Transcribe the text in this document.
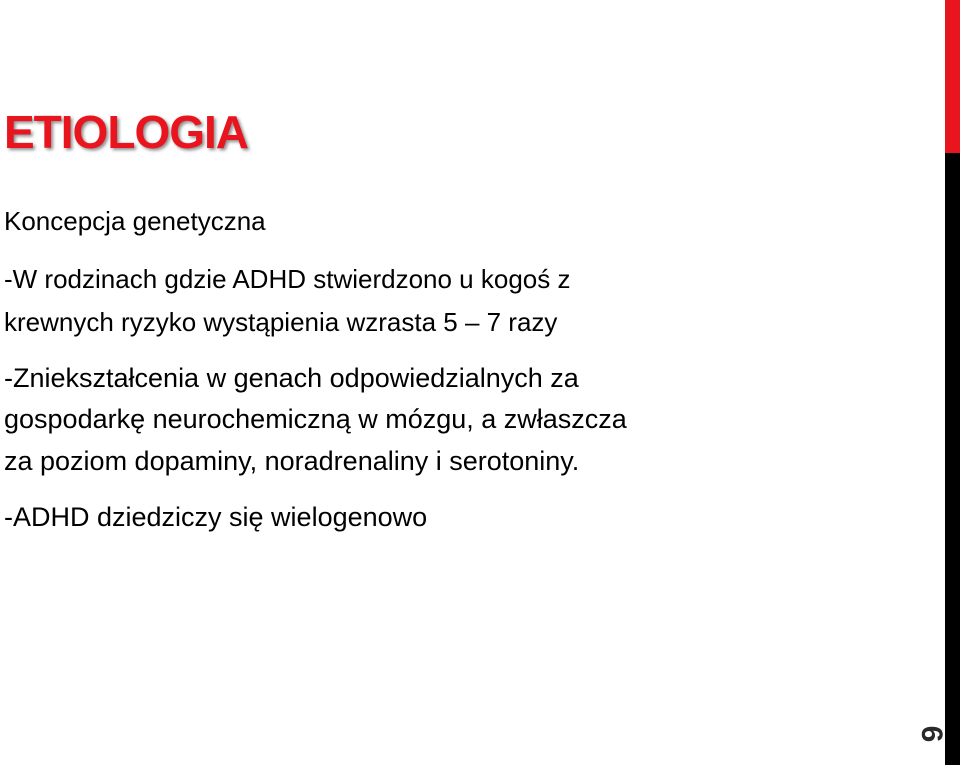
ETIOLOGIA

Koncepcja genetyczna

-W rodzinach gdzie ADHD stwierdzono u kogoś z

krewnych ryzyko wystąpienia wzrasta 5 – 7 razy

-Zniekształcenia w genach odpowiedzialnych za

gospodarkę neurochemiczną w mózgu, a zwłaszcza

za poziom dopaminy, noradrenaliny i serotoniny.

-ADHD dziedziczy się wielogenowo

6
